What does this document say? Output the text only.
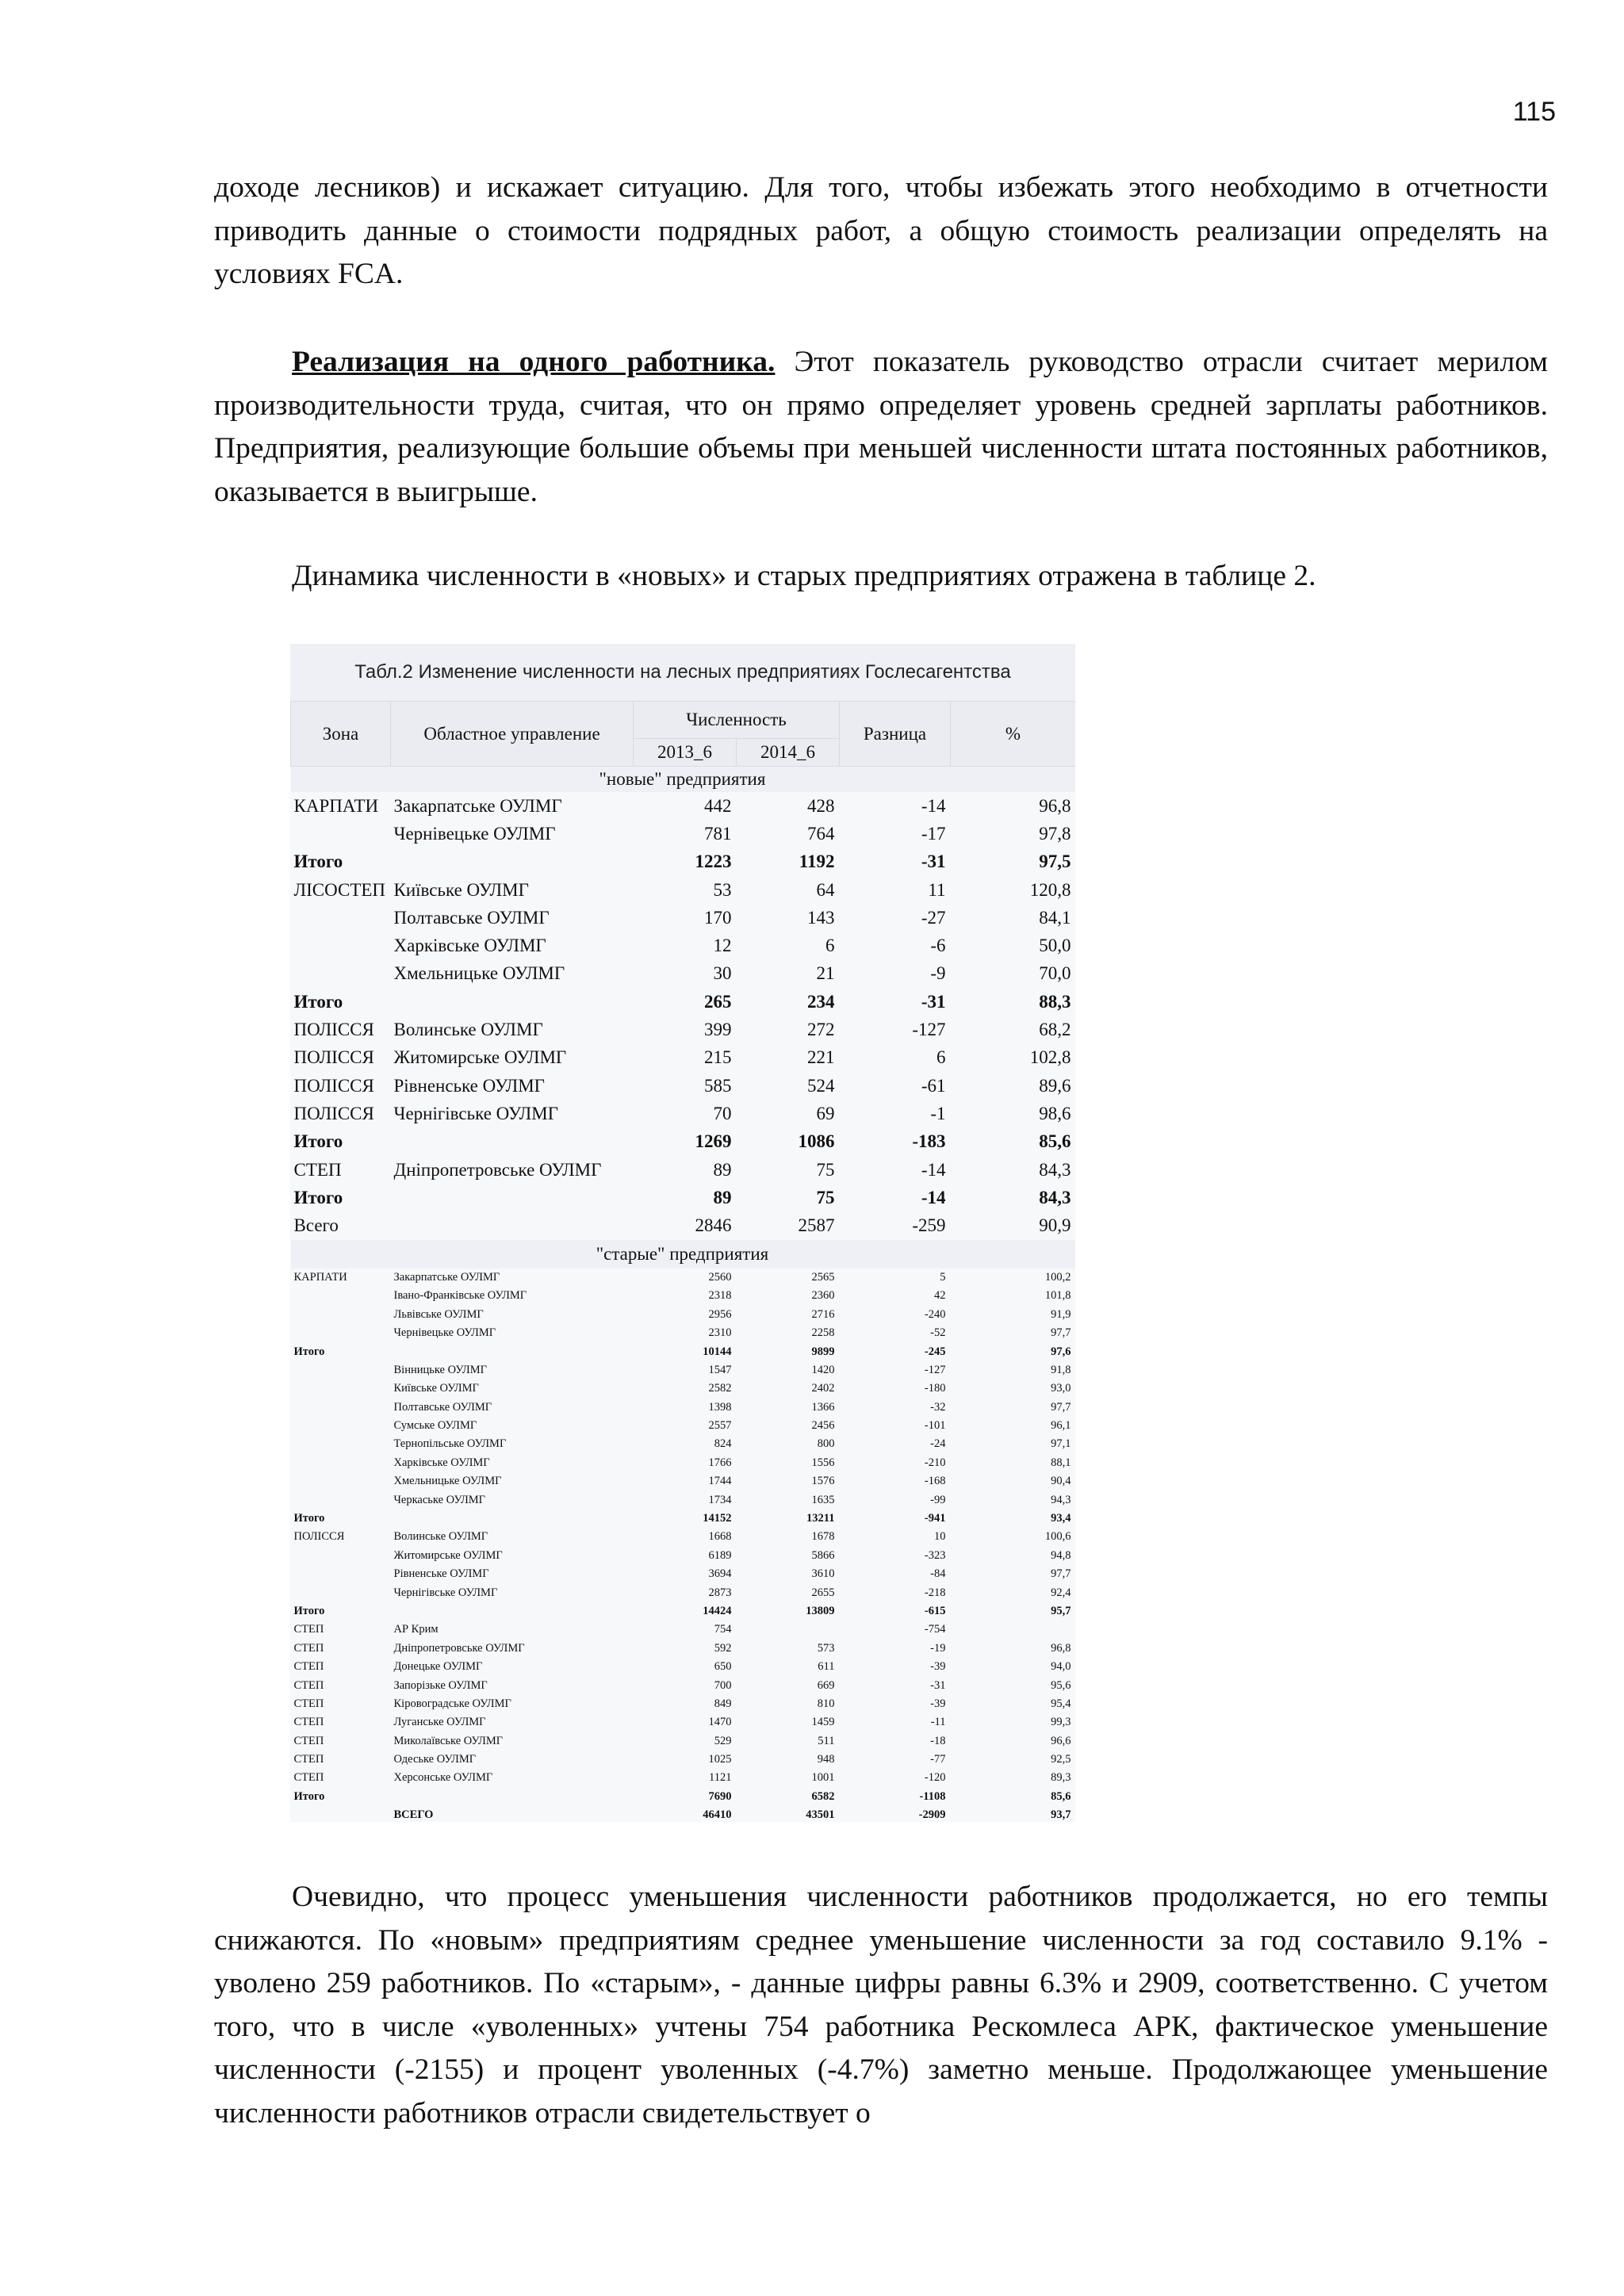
115

доходе лесников) и искажает ситуацию. Для того, чтобы избежать этого необходимо в отчетности приводить данные о стоимости подрядных работ, а общую стоимость реализации определять на условиях FCA.

Реализация на одного работника. Этот показатель руководство отрасли считает мерилом производительности труда, считая, что он прямо определяет уровень средней зарплаты работников. Предприятия, реализующие большие объемы при меньшей численности штата постоянных работников, оказывается в выигрыше.

Динамика численности в «новых» и старых предприятиях отражена в таблице 2.

Табл.2 Изменение численности на лесных предприятиях Гослесагентства
Зона	Областное управление	Численность		Разница	%
		2013_6	2014_6		
"новые" предприятия					
КАРПАТИ	Закарпатське ОУЛМГ	442	428	-14	96,8
	Чернівецьке ОУЛМГ	781	764	-17	97,8
Итого		1223	1192	-31	97,5
ЛІСОСТЕП	Київське ОУЛМГ	53	64	11	120,8
	Полтавське ОУЛМГ	170	143	-27	84,1
	Харківське ОУЛМГ	12	6	-6	50,0
	Хмельницьке ОУЛМГ	30	21	-9	70,0
Итого		265	234	-31	88,3
ПОЛІССЯ	Волинське ОУЛМГ	399	272	-127	68,2
ПОЛІССЯ	Житомирське ОУЛМГ	215	221	6	102,8
ПОЛІССЯ	Рівненське ОУЛМГ	585	524	-61	89,6
ПОЛІССЯ	Чернігівське ОУЛМГ	70	69	-1	98,6
Итого		1269	1086	-183	85,6
СТЕП	Дніпропетровське ОУЛМГ	89	75	-14	84,3
Итого		89	75	-14	84,3
Всего		2846	2587	-259	90,9
"старые" предприятия					
КАРПАТИ	Закарпатське ОУЛМГ	2560	2565	5	100,2
	Івано-Франківське ОУЛМГ	2318	2360	42	101,8
	Львівське ОУЛМГ	2956	2716	-240	91,9
	Чернівецьке ОУЛМГ	2310	2258	-52	97,7
Итого		10144	9899	-245	97,6
	Вінницьке ОУЛМГ	1547	1420	-127	91,8
	Київське ОУЛМГ	2582	2402	-180	93,0
	Полтавське ОУЛМГ	1398	1366	-32	97,7
	Сумське ОУЛМГ	2557	2456	-101	96,1
	Тернопільське ОУЛМГ	824	800	-24	97,1
	Харківське ОУЛМГ	1766	1556	-210	88,1
	Хмельницьке ОУЛМГ	1744	1576	-168	90,4
	Черкаське ОУЛМГ	1734	1635	-99	94,3
Итого		14152	13211	-941	93,4
ПОЛІССЯ	Волинське ОУЛМГ	1668	1678	10	100,6
	Житомирське ОУЛМГ	6189	5866	-323	94,8
	Рівненське ОУЛМГ	3694	3610	-84	97,7
	Чернігівське ОУЛМГ	2873	2655	-218	92,4
Итого		14424	13809	-615	95,7
СТЕП	АР Крим	754		-754	
СТЕП	Дніпропетровське ОУЛМГ	592	573	-19	96,8
СТЕП	Донецьке ОУЛМГ	650	611	-39	94,0
СТЕП	Запорізьке ОУЛМГ	700	669	-31	95,6
СТЕП	Кіровоградське ОУЛМГ	849	810	-39	95,4
СТЕП	Луганське ОУЛМГ	1470	1459	-11	99,3
СТЕП	Миколаївське ОУЛМГ	529	511	-18	96,6
СТЕП	Одеське ОУЛМГ	1025	948	-77	92,5
СТЕП	Херсонське ОУЛМГ	1121	1001	-120	89,3
Итого		7690	6582	-1108	85,6
	ВСЕГО	46410	43501	-2909	93,7

Очевидно, что процесс уменьшения численности работников продолжается, но его темпы снижаются. По «новым» предприятиям среднее уменьшение численности за год составило 9.1% - уволено 259 работников. По «старым», - данные цифры равны 6.3% и 2909, соответственно. С учетом того, что в числе «уволенных» учтены 754 работника Рескомлеса АРК, фактическое уменьшение численности (-2155) и процент уволенных (-4.7%) заметно меньше. Продолжающее уменьшение численности работников отрасли свидетельствует о
